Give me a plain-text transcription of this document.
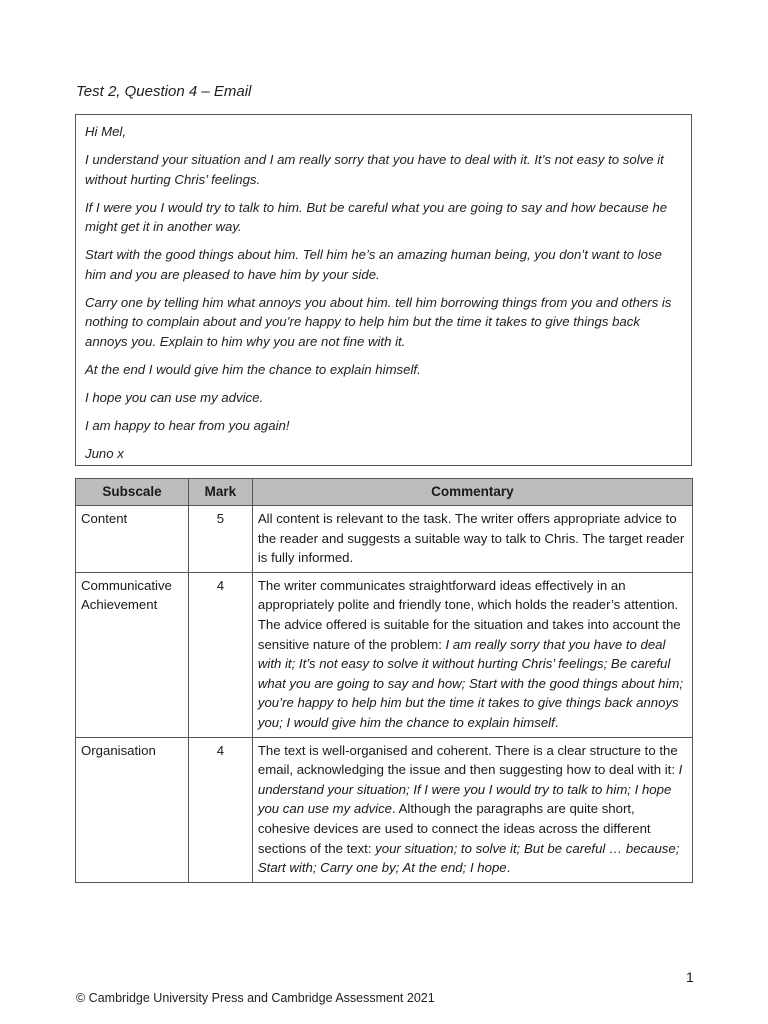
Test 2, Question 4 – Email

Hi Mel,

I understand your situation and I am really sorry that you have to deal with it. It’s not easy to solve it without hurting Chris’ feelings.

If I were you I would try to talk to him. But be careful what you are going to say and how because he might get it in another way.

Start with the good things about him. Tell him he’s an amazing human being, you don’t want to lose him and you are pleased to have him by your side.

Carry one by telling him what annoys you about him. tell him borrowing things from you and others is nothing to complain about and you’re happy to help him but the time it takes to give things back annoys you. Explain to him why you are not fine with it.

At the end I would give him the chance to explain himself.

I hope you can use my advice.

I am happy to hear from you again!

Juno x

Subscale	Mark	Commentary
Content	5	All content is relevant to the task. The writer offers appropriate advice to the reader and suggests a suitable way to talk to Chris. The target reader is fully informed.
Communicative Achievement	4	The writer communicates straightforward ideas effectively in an appropriately polite and friendly tone, which holds the reader’s attention. The advice offered is suitable for the situation and takes into account the sensitive nature of the problem: I am really sorry that you have to deal with it; It’s not easy to solve it without hurting Chris’ feelings; Be careful what you are going to say and how; Start with the good things about him; you’re happy to help him but the time it takes to give things back annoys you; I would give him the chance to explain himself.
Organisation	4	The text is well-organised and coherent. There is a clear structure to the email, acknowledging the issue and then suggesting how to deal with it: I understand your situation; If I were you I would try to talk to him; I hope you can use my advice. Although the paragraphs are quite short, cohesive devices are used to connect the ideas across the different sections of the text: your situation; to solve it; But be careful … because; Start with; Carry one by; At the end; I hope.
1
© Cambridge University Press and Cambridge Assessment 2021
